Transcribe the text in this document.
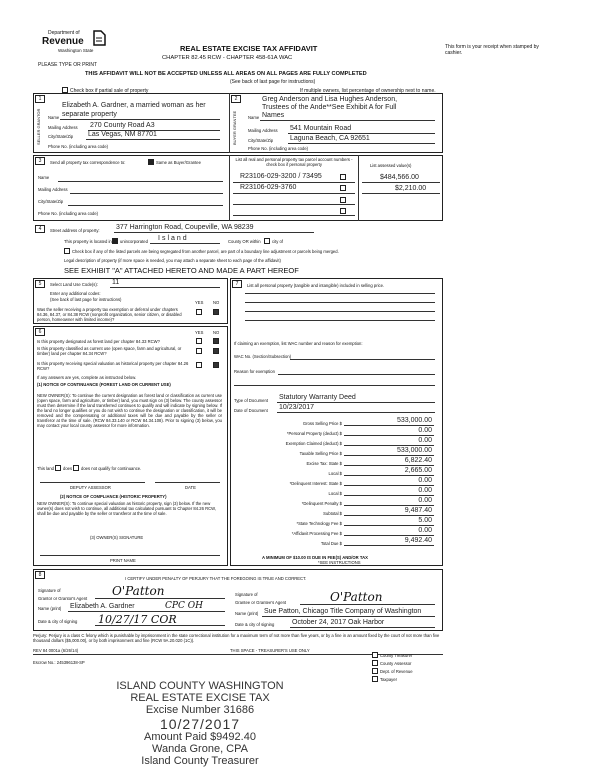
Department of
Revenue
Washington State
PLEASE TYPE OR PRINT
REAL ESTATE EXCISE TAX AFFIDAVIT
CHAPTER 82.45 RCW - CHAPTER 458-61A WAC
This form is your receipt when stamped by cashier.
THIS AFFIDAVIT WILL NOT BE ACCEPTED UNLESS ALL AREAS ON ALL PAGES ARE FULLY COMPLETED
(See back of last page for instructions)
Check box if partial sale of property	If multiple owners, list percentage of ownership next to name.
1	2
SELLER GRANTOR	BUYER GRANTEE
Elizabeth A. Gardner, a married woman as her
Name separate property
Mailing Address 270 County Road A3
City/State/Zip Las Vegas, NM 87701
Phone No. (including area code)
Greg Anderson and Lisa Hughes Anderson,
Trustees of the Ande**See Exhibit A for Full
Name Names
Mailing Address 541 Mountain Road
City/State/Zip Laguna Beach, CA 92651
Phone No. (including area code)
3	Send all property tax correspondence to:	Same as Buyer/Grantee
Name
Mailing Address
City/State/Zip
Phone No. (including area code)
List all real and personal property tax parcel account numbers - check box if personal property	List assessed value(s)
R23106-029-3200 / 73495	$484,566.00
R23106-029-3760	$2,210.00
4	Street address of property: 377 Harrington Road, Coupeville, WA 98239
This property is located in unincorporated Island	County OR within	city of
Check box if any of the listed parcels are being segregated from another parcel, are part of a boundary line adjustment or parcels being merged.
Legal description of property (if more space is needed, you may attach a separate sheet to each page of the affidavit)
SEE EXHIBIT "A" ATTACHED HERETO AND MADE A PART HEREOF
5	Select Land Use Code(s): 11
Enter any additional codes:
(See back of last page for instructions)
YES NO
Was the seller receiving a property tax exemption or deferral under chapters 84.36, 84.37, or 84.38 RCW (nonprofit organization, senior citizen, or disabled person, homeowner with limited income)?
6	YES NO
Is this property designated as forest land per chapter 84.33 RCW?
Is this property classified as current use (open space, farm and agricultural, or timber) land per chapter 84.34 RCW?
Is this property receiving special valuation as historical property per chapter 84.26 RCW?
If any answers are yes, complete as instructed below.
(1) NOTICE OF CONTINUANCE (FOREST LAND OR CURRENT USE)
NEW OWNER(S): To continue the current designation as forest land or classification as current use (open space, farm and agriculture, or timber) land, you must sign on (3) below. The county assessor must then determine if the land transferred continues to qualify and will indicate by signing below. If the land no longer qualifies or you do not wish to continue the designation or classification, it will be removed and the compensating or additional taxes will be due and payable by the seller or transferor at the time of sale. (RCW 84.33.140 or RCW 84.34.108). Prior to signing (3) below, you may contact your local county assessor for more information.
This land does does not qualify for continuance.
DEPUTY ASSESSOR	DATE
(2) NOTICE OF COMPLIANCE (HISTORIC PROPERTY)
NEW OWNER(S): To continue special valuation as historic property, sign (3) below. If the new owner(s) does not wish to continue, all additional tax calculated pursuant to Chapter 84.26 RCW, shall be due and payable by the seller or transferor at the time of sale.
(3) OWNER(S) SIGNATURE
PRINT NAME
7	List all personal property (tangible and intangible) included in selling price.
If claiming an exemption, list WAC number and reason for exemption:
WAC No. (Section/Subsection)
Reason for exemption
Type of Document Statutory Warranty Deed
Date of Document 10/23/2017
Gross Selling Price $	533,000.00
*Personal Property (deduct) $	0.00
Exemption Claimed (deduct) $	0.00
Taxable Selling Price $	533,000.00
Excise Tax: State $	6,822.40
Local $	2,665.00
*Delinquent Interest: State $	0.00
Local $	0.00
*Delinquent Penalty $	0.00
Subtotal $	9,487.40
*State Technology Fee $	5.00
*Affidavit Processing Fee $	0.00
Total Due $	9,492.40
A MINIMUM OF $10.00 IS DUE IN FEE(S) AND/OR TAX
*SEE INSTRUCTIONS
8
I CERTIFY UNDER PENALTY OF PERJURY THAT THE FOREGOING IS TRUE AND CORRECT.
Signature of
Grantor or Grantor's Agent
O'Patton
Name (print) Elizabeth A. Gardner	CPC OH
Date & city of signing 10/27/17 COR
Signature of
Grantee or Grantee's Agent	O'Patton
Name (print) Sue Patton, Chicago Title Company of Washington
Date & city of signing	October 24, 2017 Oak Harbor
Perjury: Perjury is a class C felony which is punishable by imprisonment in the state correctional institution for a maximum term of not more than five years, or by a fine in an amount fixed by the court of not more than five thousand dollars ($5,000.00), or by both imprisonment and fine (RCW 9A.20.020 (1C)).
REV 84 0001a (6/26/14)	THIS SPACE - TREASURER'S USE ONLY
Escrow No.: 245396138-SP
County Treasurer
County Assessor
Dept. of Revenue
Taxpayer
ISLAND COUNTY WASHINGTON
REAL ESTATE EXCISE TAX
Excise Number 31686
10/27/2017
Amount Paid $9492.40
Wanda Grone, CPA
Island County Treasurer
